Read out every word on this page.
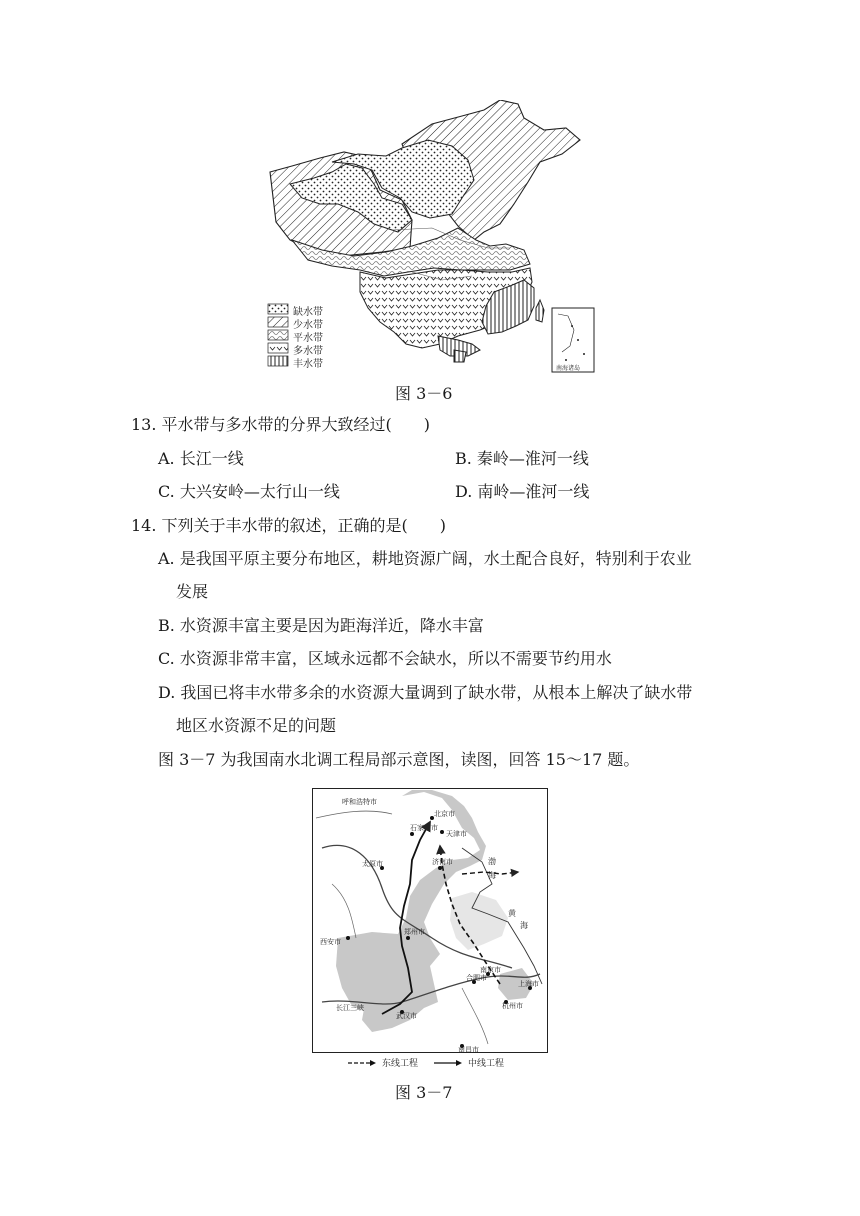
南海诸岛
缺水带
少水带
平水带
多水带
丰水带
图 3－6
13. 平水带与多水带的分界大致经过(　　)
A. 长江一线	B. 秦岭—淮河一线
C. 大兴安岭—太行山一线	D. 南岭—淮河一线
14. 下列关于丰水带的叙述，正确的是(　　)
A. 是我国平原主要分布地区，耕地资源广阔，水土配合良好，特别利于农业
发展
B. 水资源丰富主要是因为距海洋近，降水丰富
C. 水资源非常丰富，区域永远都不会缺水，所以不需要节约用水
D. 我国已将丰水带多余的水资源大量调到了缺水带，从根本上解决了缺水带
地区水资源不足的问题
图 3－7 为我国南水北调工程局部示意图，读图，回答 15～17 题。
呼和浩特市
北京市
天津市
石家庄市
太原市	济南市
郑州市
西安市
合肥市
南京市
上海市
杭州市
武汉市
长江三峡
南昌市
渤
海
黄
海
东线工程	中线工程
图 3－7
